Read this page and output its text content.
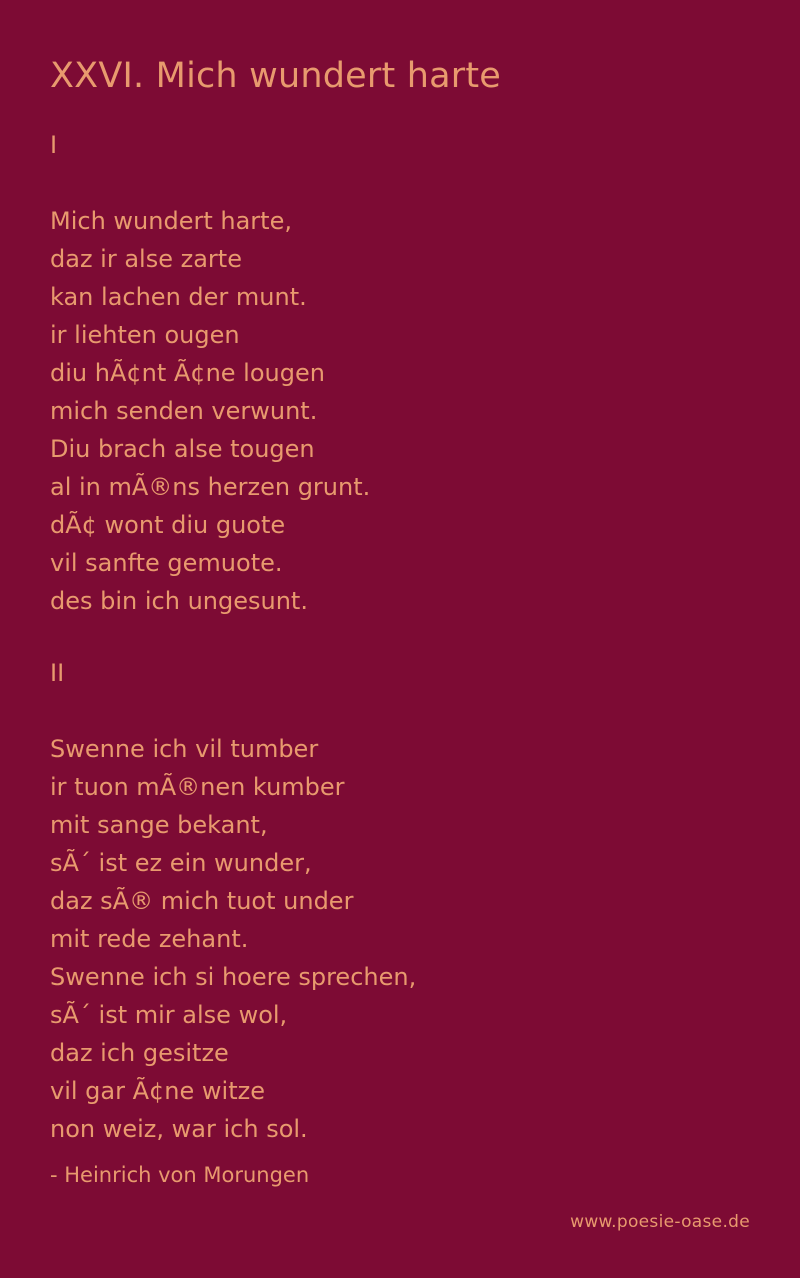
XXVI. Mich wundert harte
I
Mich wundert harte,
daz ir alse zarte
kan lachen der munt.
ir liehten ougen
diu hÃ¢nt Ã¢ne lougen
mich senden verwunt.
Diu brach alse tougen
al in mÃ®ns herzen grunt.
dÃ¢ wont diu guote
vil sanfte gemuote.
des bin ich ungesunt.
II
Swenne ich vil tumber
ir tuon mÃ®nen kumber
mit sange bekant,
sÃ´ ist ez ein wunder,
daz sÃ® mich tuot under
mit rede zehant.
Swenne ich si hoere sprechen,
sÃ´ ist mir alse wol,
daz ich gesitze
vil gar Ã¢ne witze
non weiz, war ich sol.
- Heinrich von Morungen
www.poesie-oase.de
